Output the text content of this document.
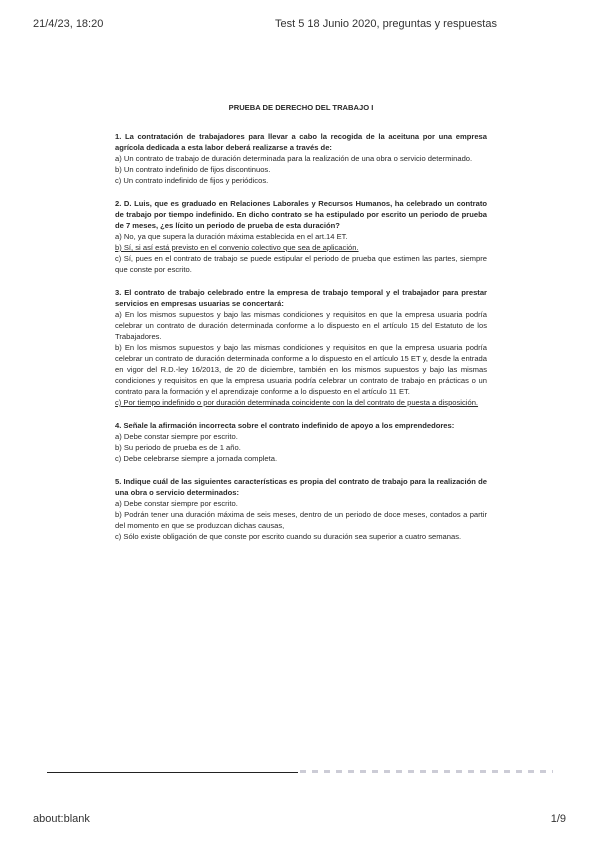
21/4/23, 18:20	Test 5 18 Junio 2020, preguntas y respuestas

PRUEBA DE DERECHO DEL TRABAJO I

1. La contratación de trabajadores para llevar a cabo la recogida de la aceituna por una empresa agrícola dedicada a esta labor deberá realizarse a través de:

a) Un contrato de trabajo de duración determinada para la realización de una obra o servicio determinado.

b) Un contrato indefinido de fijos discontinuos.

c) Un contrato indefinido de fijos y periódicos.

2. D. Luis, que es graduado en Relaciones Laborales y Recursos Humanos, ha celebrado un contrato de trabajo por tiempo indefinido. En dicho contrato se ha estipulado por escrito un periodo de prueba de 7 meses, ¿es lícito un periodo de prueba de esta duración?

a) No, ya que supera la duración máxima establecida en el art.14 ET.

b) Sí, si así está previsto en el convenio colectivo que sea de aplicación.

c) Sí, pues en el contrato de trabajo se puede estipular el periodo de prueba que estimen las partes, siempre que conste por escrito.

3. El contrato de trabajo celebrado entre la empresa de trabajo temporal y el trabajador para prestar servicios en empresas usuarias se concertará:

a) En los mismos supuestos y bajo las mismas condiciones y requisitos en que la empresa usuaria podría celebrar un contrato de duración determinada conforme a lo dispuesto en el artículo 15 del Estatuto de los Trabajadores.

b) En los mismos supuestos y bajo las mismas condiciones y requisitos en que la empresa usuaria podría celebrar un contrato de duración determinada conforme a lo dispuesto en el artículo 15 ET y, desde la entrada en vigor del R.D.-ley 16/2013, de 20 de diciembre, también en los mismos supuestos y bajo las mismas condiciones y requisitos en que la empresa usuaria podría celebrar un contrato de trabajo en prácticas o un contrato para la formación y el aprendizaje conforme a lo dispuesto en el artículo 11 ET.

c) Por tiempo indefinido o por duración determinada coincidente con la del contrato de puesta a disposición.

4. Señale la afirmación incorrecta sobre el contrato indefinido de apoyo a los emprendedores:

a) Debe constar siempre por escrito.

b) Su periodo de prueba es de 1 año.

c) Debe celebrarse siempre a jornada completa.

5. Indique cuál de las siguientes características es propia del contrato de trabajo para la realización de una obra o servicio determinados:

a) Debe constar siempre por escrito.

b) Podrán tener una duración máxima de seis meses, dentro de un periodo de doce meses, contados a partir del momento en que se produzcan dichas causas,

c) Sólo existe obligación de que conste por escrito cuando su duración sea superior a cuatro semanas.

about:blank	1/9
